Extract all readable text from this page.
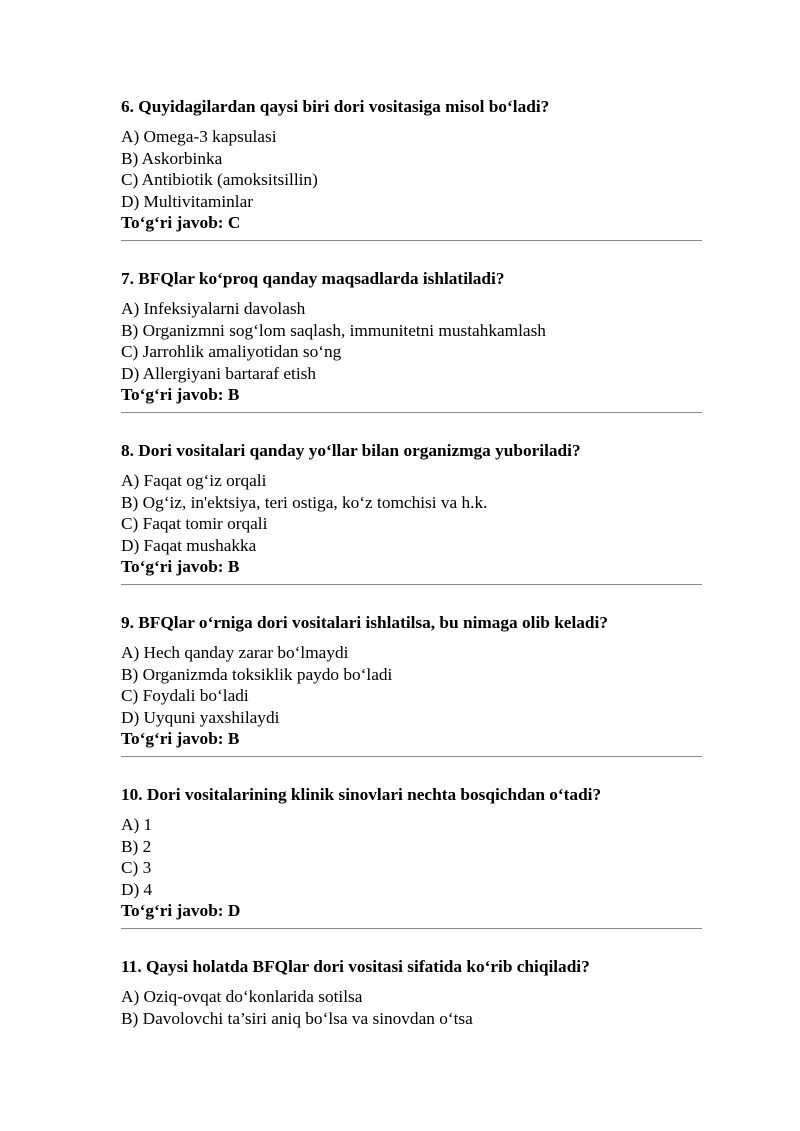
6. Quyidagilardan qaysi biri dori vositasiga misol bo‘ladi?

A) Omega-3 kapsulasi

B) Askorbinka

C) Antibiotik (amoksitsillin)

D) Multivitaminlar

To‘g‘ri javob: C

7. BFQlar ko‘proq qanday maqsadlarda ishlatiladi?

A) Infeksiyalarni davolash

B) Organizmni sog‘lom saqlash, immunitetni mustahkamlash

C) Jarrohlik amaliyotidan so‘ng

D) Allergiyani bartaraf etish

To‘g‘ri javob: B

8. Dori vositalari qanday yo‘llar bilan organizmga yuboriladi?

A) Faqat og‘iz orqali

B) Og‘iz, in'ektsiya, teri ostiga, ko‘z tomchisi va h.k.

C) Faqat tomir orqali

D) Faqat mushakka

To‘g‘ri javob: B

9. BFQlar o‘rniga dori vositalari ishlatilsa, bu nimaga olib keladi?

A) Hech qanday zarar bo‘lmaydi

B) Organizmda toksiklik paydo bo‘ladi

C) Foydali bo‘ladi

D) Uyquni yaxshilaydi

To‘g‘ri javob: B

10. Dori vositalarining klinik sinovlari nechta bosqichdan o‘tadi?

A) 1

B) 2

C) 3

D) 4

To‘g‘ri javob: D

11. Qaysi holatda BFQlar dori vositasi sifatida ko‘rib chiqiladi?

A) Oziq-ovqat do‘konlarida sotilsa

B) Davolovchi ta’siri aniq bo‘lsa va sinovdan o‘tsa
